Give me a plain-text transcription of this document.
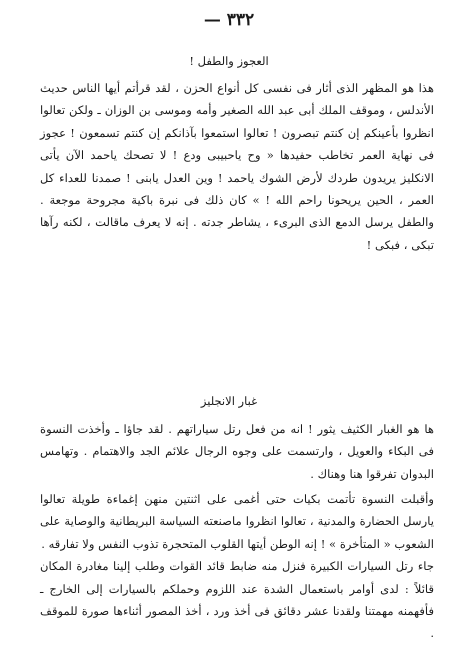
— ٣٣٢
العجوز والطفل !

هذا هو المظهر الذى أثار فى نفسى كل أنواع الحزن ، لقد قرأتم أيها الناس حديث الأندلس ، وموقف الملك أبى عبد الله الصغير وأمه وموسى بن الوزان ـ ولكن تعالوا انظروا بأعينكم إن كنتم تبصرون ! تعالوا استمعوا بآذانكم إن كنتم تسمعون ! عجوز فى نهاية العمر تخاطب حفيدها « وح ياحبيبى ودع ! لا تصحك ياحمد الآن يأتى الانكليز يريدون طردك لأرض الشوك ياحمد ! وين العدل يابنى ! صمدنا للعداء كل العمر ، الحين يريحونا راحم الله ! » كان ذلك فى نبرة باكية مجروحة موجعة . والطفل يرسل الدمع الذى البرىء ، يشاطر جدته . إنه لا يعرف ماقالت ، لكنه رآها تبكى ، فبكى !

غبار الانجليز

ها هو الغبار الكثيف يثور ! انه من فعل رتل سياراتهم . لقد جاؤا ـ وأخذت النسوة فى البكاء والعويل ، وارتسمت على وجوه الرجال علائم الجد والاهتمام . وتهامس البدوان تفرقوا هنا وهناك .

وأقبلت النسوة تأتمت بكيات حتى أغمى على اثنتين منهن إغماءة طويلة تعالوا يارسل الحضارة والمدنية ، تعالوا انظروا ماصنعته السياسة البريطانية والوصاية على الشعوب « المتأخرة » ! إنه الوطن أيتها القلوب المتحجرة تذوب النفس ولا تفارقه .

جاء رتل السيارات الكبيرة فنزل منه ضابط قائد القوات وطلب إلينا مغادرة المكان قائلاً : لدى أوامر باستعمال الشدة عند اللزوم وحملكم بالسيارات إلى الخارج ـ فأفهمنه مهمتنا ولقدنا عشر دقائق فى أخذ ورد ، أخذ المصور أثناءها صورة للموقف .
